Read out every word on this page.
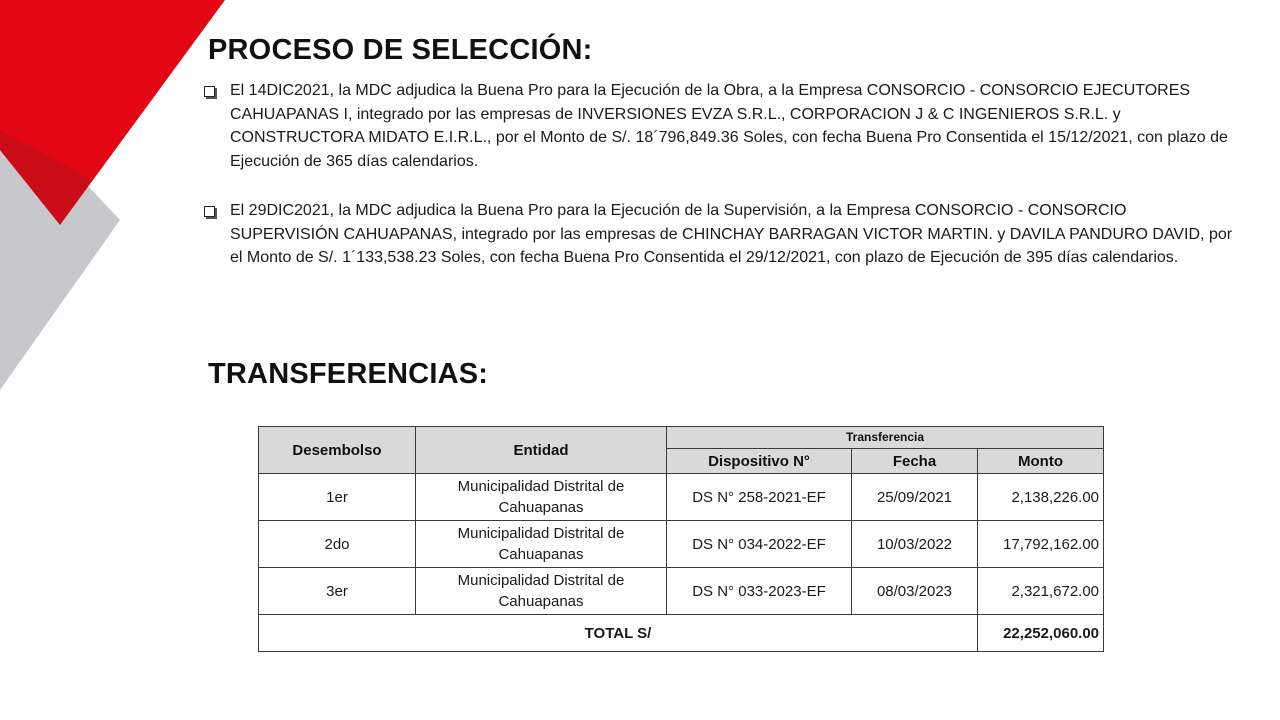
PROCESO DE SELECCIÓN:
El 14DIC2021, la MDC adjudica la Buena Pro para la Ejecución de la Obra, a la Empresa CONSORCIO - CONSORCIO EJECUTORES CAHUAPANAS I, integrado por las empresas de INVERSIONES EVZA S.R.L., CORPORACION J & C INGENIEROS S.R.L. y CONSTRUCTORA MIDATO E.I.R.L., por el Monto de S/. 18´796,849.36 Soles, con fecha Buena Pro Consentida el 15/12/2021, con plazo de Ejecución de 365 días calendarios.
El 29DIC2021, la MDC adjudica la Buena Pro para la Ejecución de la Supervisión, a la Empresa CONSORCIO - CONSORCIO SUPERVISIÓN CAHUAPANAS, integrado por las empresas de CHINCHAY BARRAGAN VICTOR MARTIN. y DAVILA PANDURO DAVID, por el Monto de S/. 1´133,538.23 Soles, con fecha Buena Pro Consentida el 29/12/2021, con plazo de Ejecución de 395 días calendarios.
TRANSFERENCIAS:
Desembolso	Entidad	Transferencia		
		Dispositivo N°	Fecha	Monto
1er	Municipalidad Distrital de Cahuapanas	DS N° 258-2021-EF	25/09/2021	2,138,226.00
2do	Municipalidad Distrital de Cahuapanas	DS N° 034-2022-EF	10/03/2022	17,792,162.00
3er	Municipalidad Distrital de Cahuapanas	DS N° 033-2023-EF	08/03/2023	2,321,672.00
TOTAL S/				22,252,060.00
